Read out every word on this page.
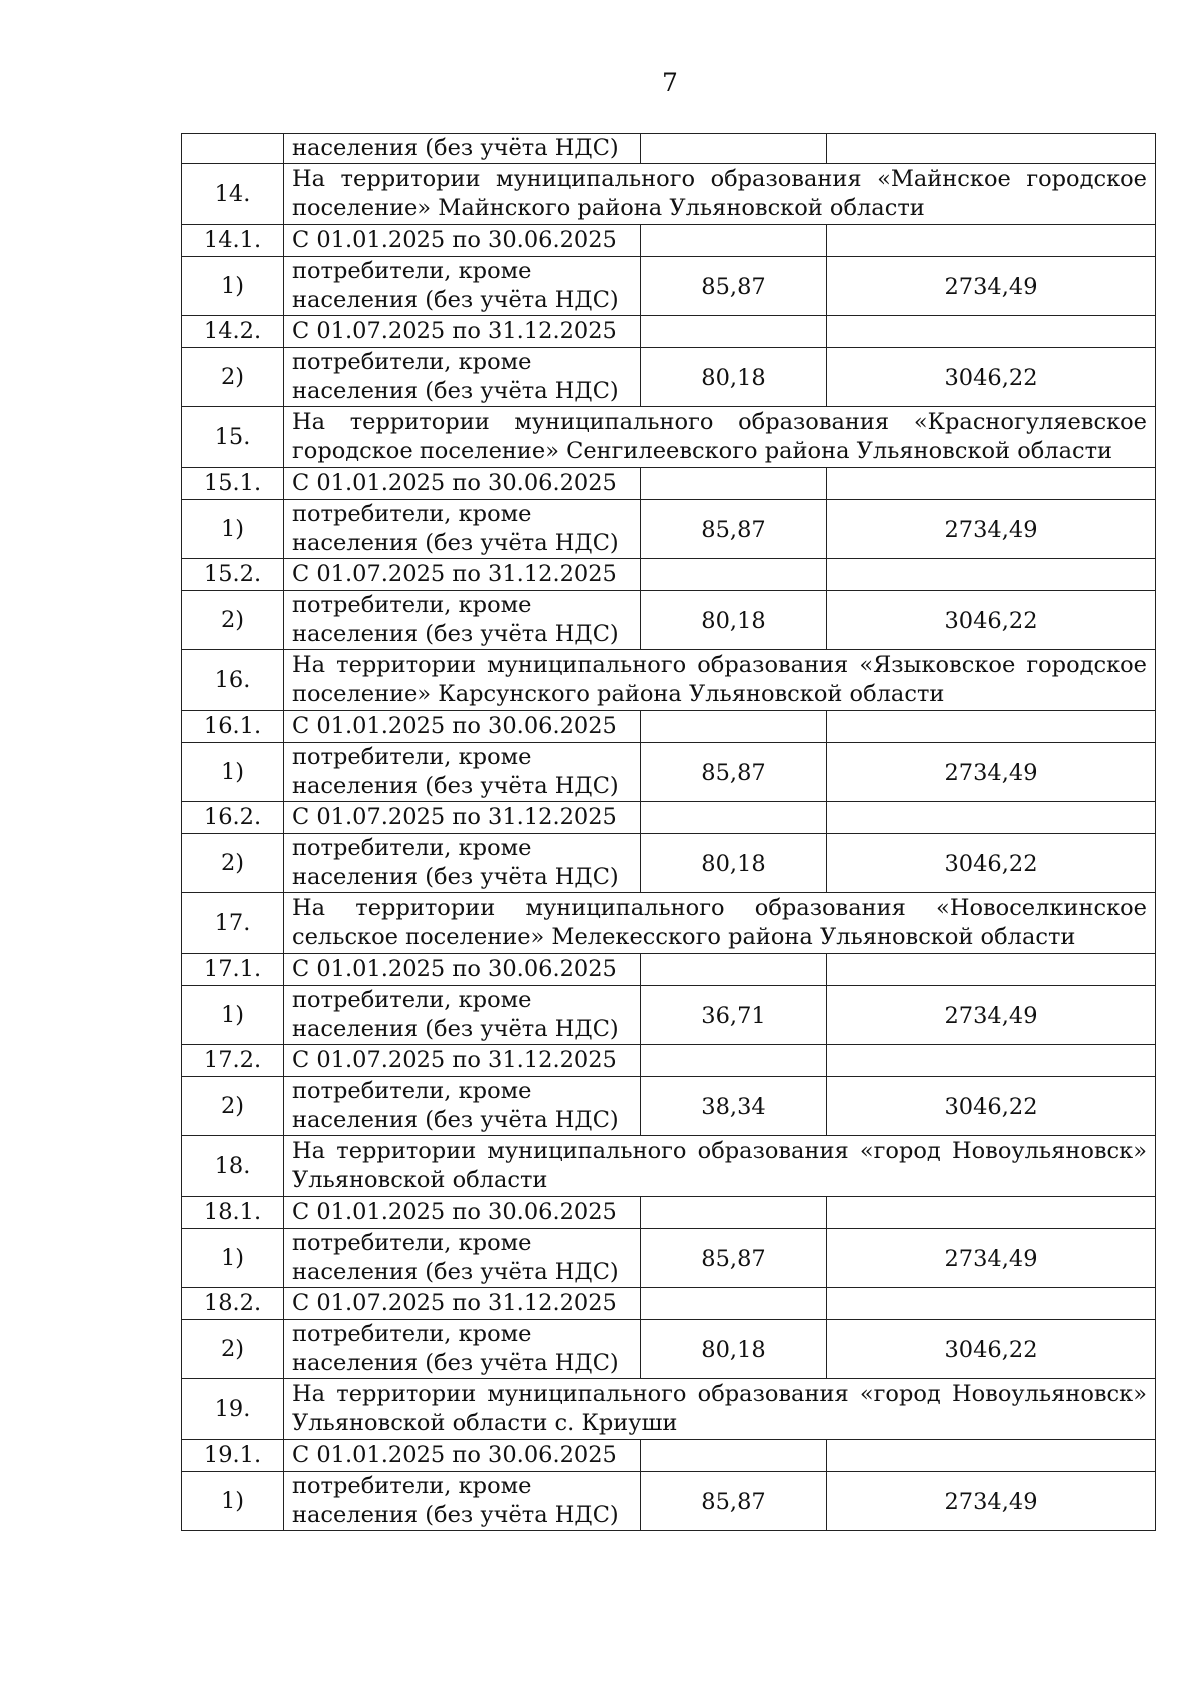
7
	населения (без учёта НДС)		
14.	На территории муниципального образования «Майнское городское поселение» Майнского района Ульяновской области		
14.1.	С 01.01.2025 по 30.06.2025		
1)	потребители, кроме
населения (без учёта НДС)	85,87	2734,49

14.2.	С 01.07.2025 по 31.12.2025		
2)	потребители, кроме
населения (без учёта НДС)	80,18	3046,22

15.	На территории муниципального образования «Красногуляевское городское поселение» Сенгилеевского района Ульяновской области		
15.1.	С 01.01.2025 по 30.06.2025		
1)	потребители, кроме
населения (без учёта НДС)	85,87	2734,49

15.2.	С 01.07.2025 по 31.12.2025		
2)	потребители, кроме
населения (без учёта НДС)	80,18	3046,22

16.	На территории муниципального образования «Языковское городское поселение» Карсунского района Ульяновской области		
16.1.	С 01.01.2025 по 30.06.2025		
1)	потребители, кроме
населения (без учёта НДС)	85,87	2734,49

16.2.	С 01.07.2025 по 31.12.2025		
2)	потребители, кроме
населения (без учёта НДС)	80,18	3046,22

17.	На территории муниципального образования «Новоселкинское сельское поселение» Мелекесского района Ульяновской области		
17.1.	С 01.01.2025 по 30.06.2025		
1)	потребители, кроме
населения (без учёта НДС)	36,71	2734,49

17.2.	С 01.07.2025 по 31.12.2025		
2)	потребители, кроме
населения (без учёта НДС)	38,34	3046,22

18.	На территории муниципального образования «город Новоульяновск» Ульяновской области		
18.1.	С 01.01.2025 по 30.06.2025		
1)	потребители, кроме
населения (без учёта НДС)	85,87	2734,49

18.2.	С 01.07.2025 по 31.12.2025		
2)	потребители, кроме
населения (без учёта НДС)	80,18	3046,22

19.	На территории муниципального образования «город Новоульяновск» Ульяновской области с. Криуши		
19.1.	С 01.01.2025 по 30.06.2025		
1)	потребители, кроме
населения (без учёта НДС)	85,87	2734,49
